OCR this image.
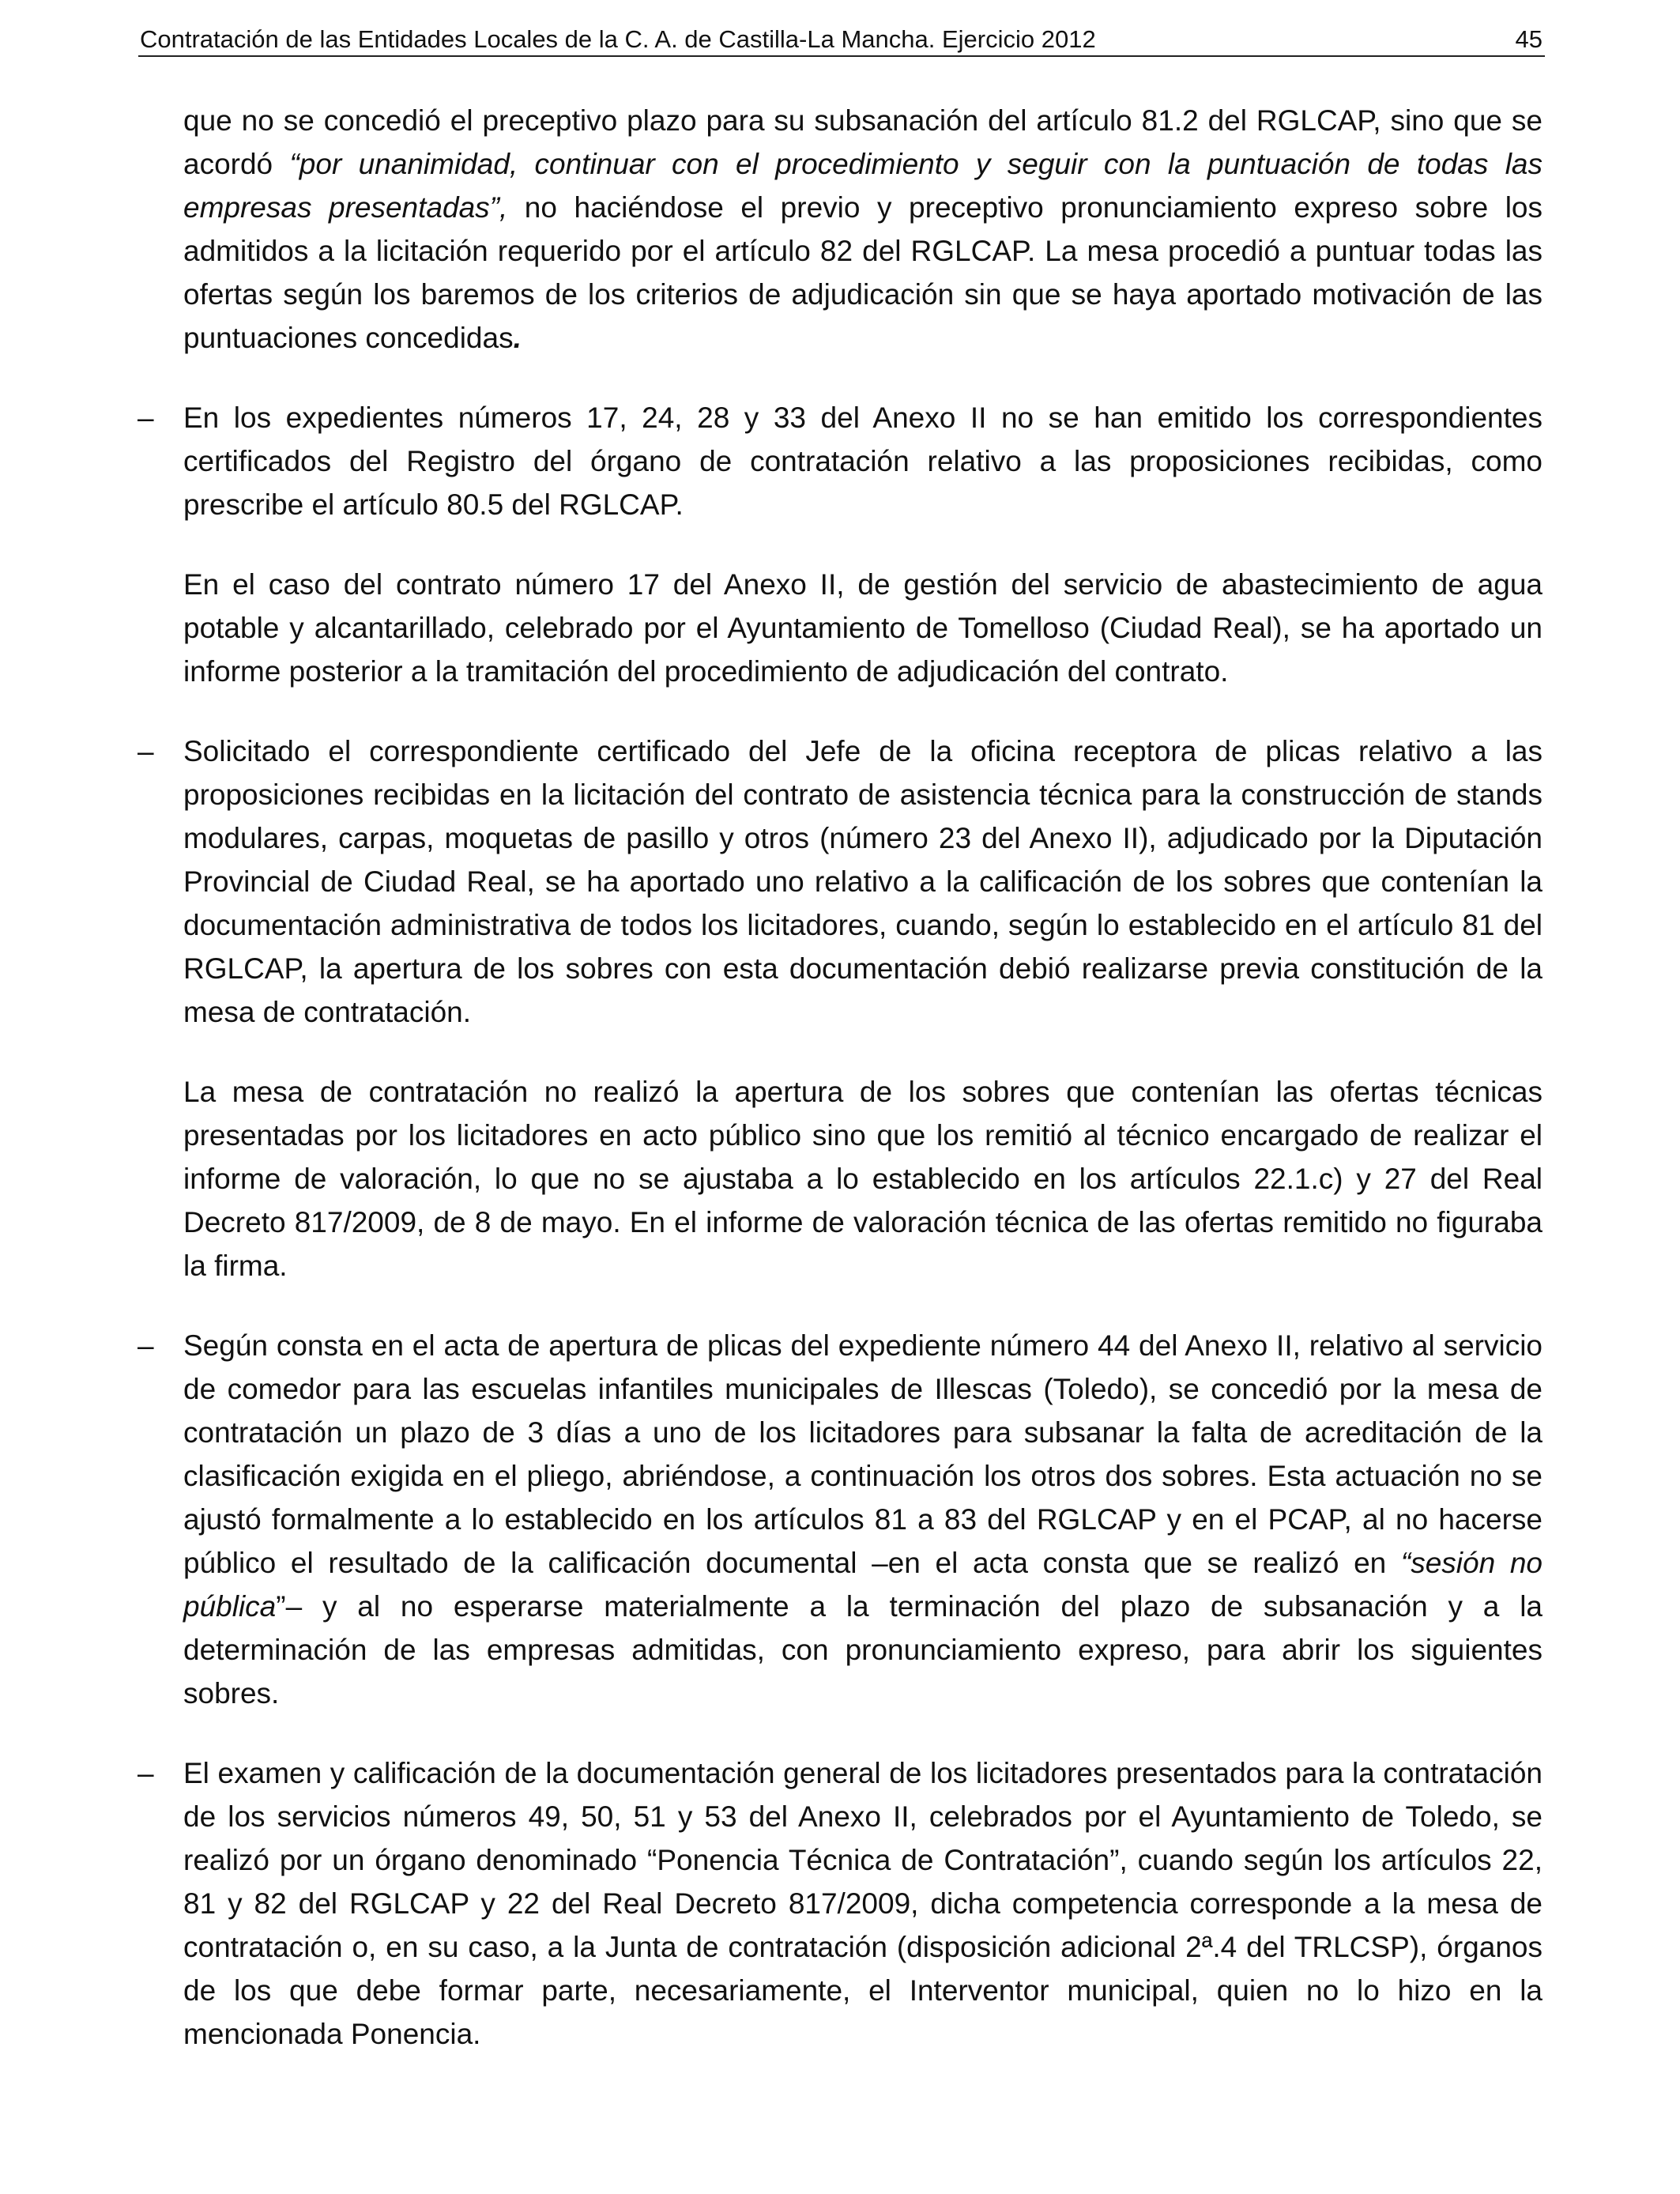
Contratación de las Entidades Locales de la C. A. de Castilla-La Mancha. Ejercicio 2012	45

que no se concedió el preceptivo plazo para su subsanación del artículo 81.2 del RGLCAP, sino que se acordó “por unanimidad, continuar con el procedimiento y seguir con la puntuación de todas las empresas presentadas”, no haciéndose el previo y preceptivo pronunciamiento expreso sobre los admitidos a la licitación requerido por el artículo 82 del RGLCAP. La mesa procedió a puntuar todas las ofertas según los baremos de los criterios de adjudicación sin que se haya aportado motivación de las puntuaciones concedidas.

– En los expedientes números 17, 24, 28 y 33 del Anexo II no se han emitido los correspondientes certificados del Registro del órgano de contratación relativo a las proposiciones recibidas, como prescribe el artículo 80.5 del RGLCAP.

En el caso del contrato número 17 del Anexo II, de gestión del servicio de abastecimiento de agua potable y alcantarillado, celebrado por el Ayuntamiento de Tomelloso (Ciudad Real), se ha aportado un informe posterior a la tramitación del procedimiento de adjudicación del contrato.

– Solicitado el correspondiente certificado del Jefe de la oficina receptora de plicas relativo a las proposiciones recibidas en la licitación del contrato de asistencia técnica para la construcción de stands modulares, carpas, moquetas de pasillo y otros (número 23 del Anexo II), adjudicado por la Diputación Provincial de Ciudad Real, se ha aportado uno relativo a la calificación de los sobres que contenían la documentación administrativa de todos los licitadores, cuando, según lo establecido en el artículo 81 del RGLCAP, la apertura de los sobres con esta documentación debió realizarse previa constitución de la mesa de contratación.

La mesa de contratación no realizó la apertura de los sobres que contenían las ofertas técnicas presentadas por los licitadores en acto público sino que los remitió al técnico encargado de realizar el informe de valoración, lo que no se ajustaba a lo establecido en los artículos 22.1.c) y 27 del Real Decreto 817/2009, de 8 de mayo. En el informe de valoración técnica de las ofertas remitido no figuraba la firma.

– Según consta en el acta de apertura de plicas del expediente número 44 del Anexo II, relativo al servicio de comedor para las escuelas infantiles municipales de Illescas (Toledo), se concedió por la mesa de contratación un plazo de 3 días a uno de los licitadores para subsanar la falta de acreditación de la clasificación exigida en el pliego, abriéndose, a continuación los otros dos sobres. Esta actuación no se ajustó formalmente a lo establecido en los artículos 81 a 83 del RGLCAP y en el PCAP, al no hacerse público el resultado de la calificación documental –en el acta consta que se realizó en “sesión no pública”– y al no esperarse materialmente a la terminación del plazo de subsanación y a la determinación de las empresas admitidas, con pronunciamiento expreso, para abrir los siguientes sobres.

– El examen y calificación de la documentación general de los licitadores presentados para la contratación de los servicios números 49, 50, 51 y 53 del Anexo II, celebrados por el Ayuntamiento de Toledo, se realizó por un órgano denominado “Ponencia Técnica de Contratación”, cuando según los artículos 22, 81 y 82 del RGLCAP y 22 del Real Decreto 817/2009, dicha competencia corresponde a la mesa de contratación o, en su caso, a la Junta de contratación (disposición adicional 2ª.4 del TRLCSP), órganos de los que debe formar parte, necesariamente, el Interventor municipal, quien no lo hizo en la mencionada Ponencia.
